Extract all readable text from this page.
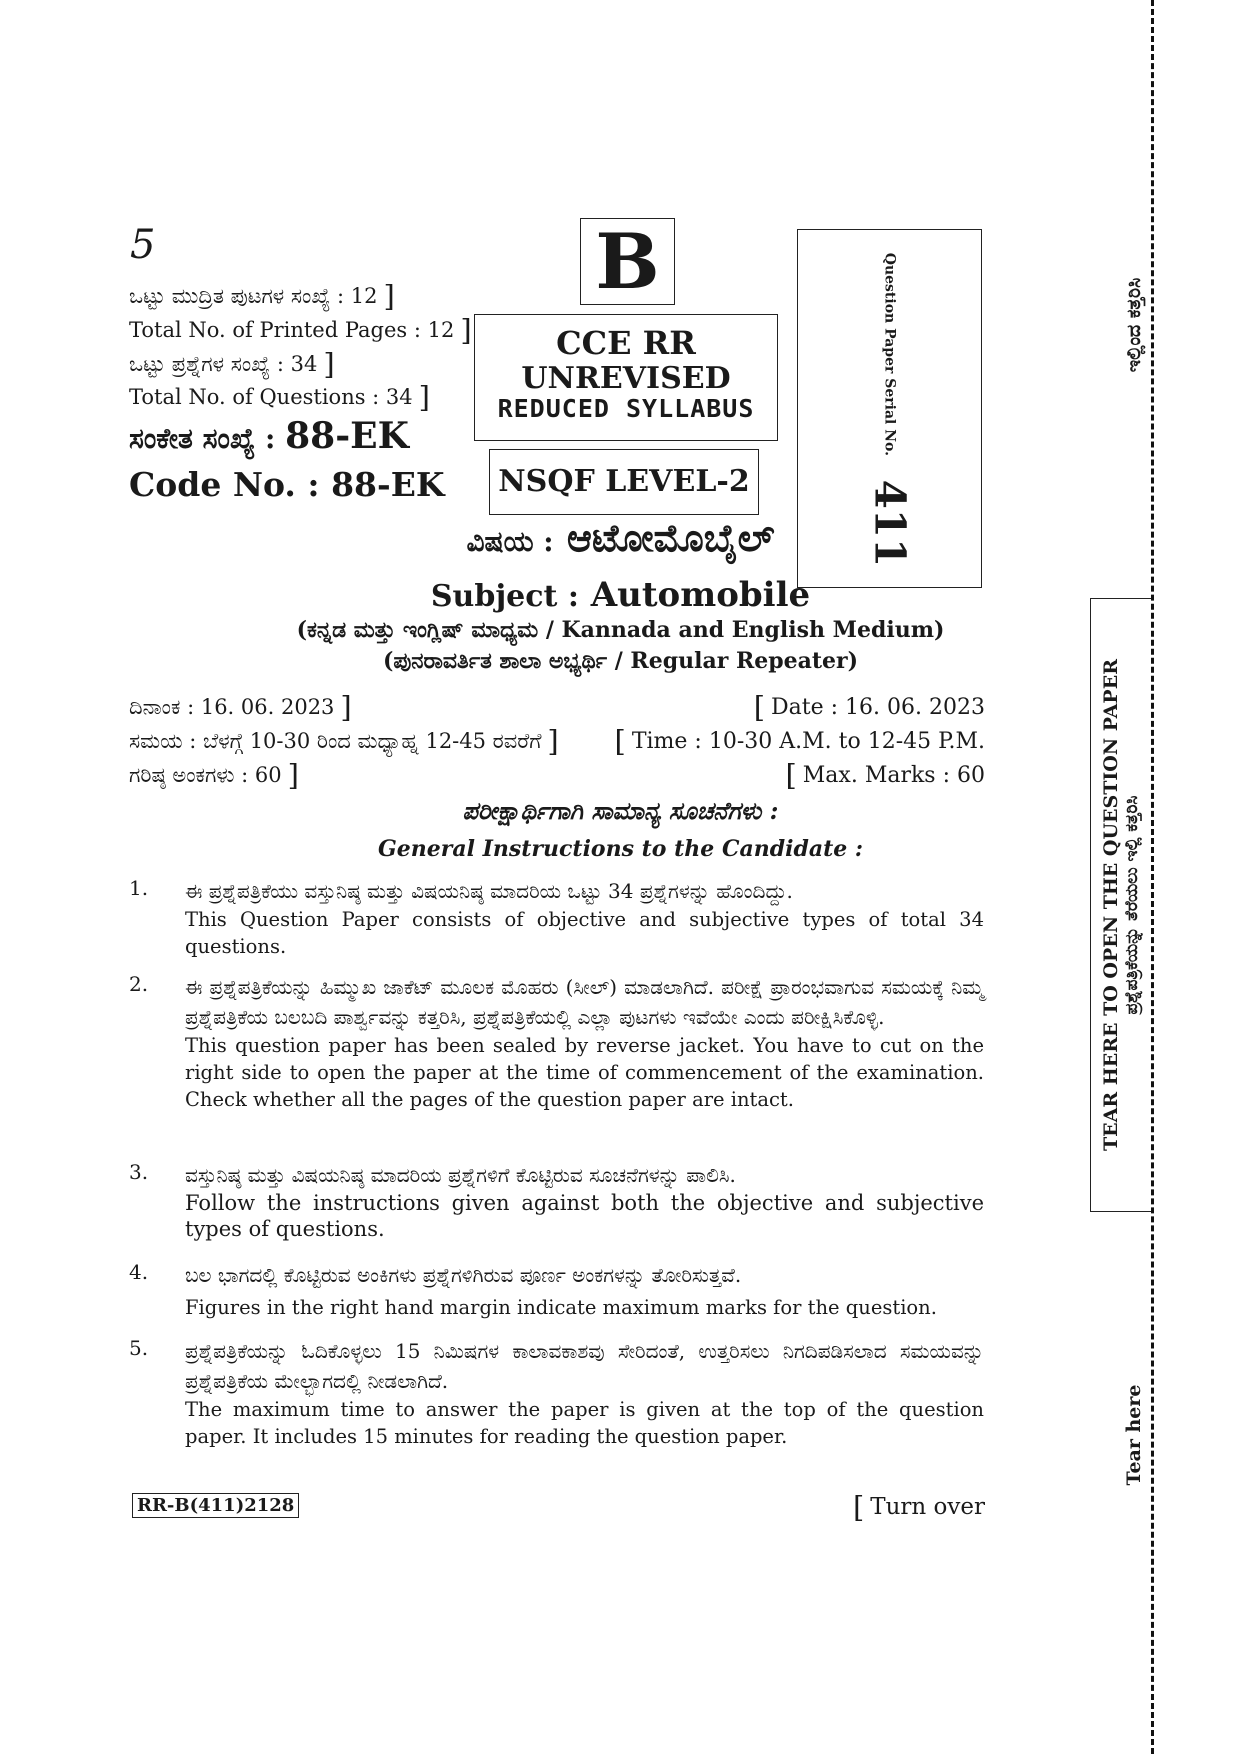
5
ಒಟ್ಟು ಮುದ್ರಿತ ಪುಟಗಳ ಸಂಖ್ಯೆ : 12 ]
Total No. of Printed Pages : 12 ]
ಒಟ್ಟು ಪ್ರಶ್ನೆಗಳ ಸಂಖ್ಯೆ : 34 ]
Total No. of Questions : 34 ]
ಸಂಕೇತ ಸಂಖ್ಯೆ : 88-EK
Code No. : 88-EK
B
CCE RR
UNREVISED
REDUCED SYLLABUS
NSQF LEVEL-2
Question Paper Serial No. 411
ವಿಷಯ : ಆಟೋಮೊಬೈಲ್
Subject : Automobile
(ಕನ್ನಡ ಮತ್ತು ಇಂಗ್ಲಿಷ್ ಮಾಧ್ಯಮ / Kannada and English Medium)
(ಪುನರಾವರ್ತಿತ ಶಾಲಾ ಅಭ್ಯರ್ಥಿ / Regular Repeater)
ದಿನಾಂಕ : 16. 06. 2023 ]	[ Date : 16. 06. 2023
ಸಮಯ : ಬೆಳಗ್ಗೆ 10-30 ರಿಂದ ಮಧ್ಯಾಹ್ನ 12-45 ರವರೆಗೆ ] [ Time : 10-30 A.M. to 12-45 P.M.
ಗರಿಷ್ಠ ಅಂಕಗಳು : 60 ]	[ Max. Marks : 60
ಪರೀಕ್ಷಾರ್ಥಿಗಾಗಿ ಸಾಮಾನ್ಯ ಸೂಚನೆಗಳು :
General Instructions to the Candidate :
1. ಈ ಪ್ರಶ್ನೆಪತ್ರಿಕೆಯು ವಸ್ತುನಿಷ್ಠ ಮತ್ತು ವಿಷಯನಿಷ್ಠ ಮಾದರಿಯ ಒಟ್ಟು 34 ಪ್ರಶ್ನೆಗಳನ್ನು ಹೊಂದಿದ್ದು.
This Question Paper consists of objective and subjective types of total 34 questions.
2. ಈ ಪ್ರಶ್ನೆಪತ್ರಿಕೆಯನ್ನು ಹಿಮ್ಮುಖ ಜಾಕೆಟ್ ಮೂಲಕ ಮೊಹರು (ಸೀಲ್) ಮಾಡಲಾಗಿದೆ. ಪರೀಕ್ಷೆ ಪ್ರಾರಂಭವಾಗುವ ಸಮಯಕ್ಕೆ ನಿಮ್ಮ ಪ್ರಶ್ನೆಪತ್ರಿಕೆಯ ಬಲಬದಿ ಪಾರ್ಶ್ವವನ್ನು ಕತ್ತರಿಸಿ, ಪ್ರಶ್ನೆಪತ್ರಿಕೆಯಲ್ಲಿ ಎಲ್ಲಾ ಪುಟಗಳು ಇವೆಯೇ ಎಂದು ಪರೀಕ್ಷಿಸಿಕೊಳ್ಳಿ.
This question paper has been sealed by reverse jacket. You have to cut on the right side to open the paper at the time of commencement of the examination. Check whether all the pages of the question paper are intact.
3. ವಸ್ತುನಿಷ್ಠ ಮತ್ತು ವಿಷಯನಿಷ್ಠ ಮಾದರಿಯ ಪ್ರಶ್ನೆಗಳಿಗೆ ಕೊಟ್ಟಿರುವ ಸೂಚನೆಗಳನ್ನು ಪಾಲಿಸಿ.
Follow the instructions given against both the objective and subjective types of questions.
4. ಬಲ ಭಾಗದಲ್ಲಿ ಕೊಟ್ಟಿರುವ ಅಂಕಿಗಳು ಪ್ರಶ್ನೆಗಳಿಗಿರುವ ಪೂರ್ಣ ಅಂಕಗಳನ್ನು ತೋರಿಸುತ್ತವೆ.
Figures in the right hand margin indicate maximum marks for the question.
5. ಪ್ರಶ್ನೆಪತ್ರಿಕೆಯನ್ನು ಓದಿಕೊಳ್ಳಲು 15 ನಿಮಿಷಗಳ ಕಾಲಾವಕಾಶವು ಸೇರಿದಂತೆ, ಉತ್ತರಿಸಲು ನಿಗದಿಪಡಿಸಲಾದ ಸಮಯವನ್ನು ಪ್ರಶ್ನೆಪತ್ರಿಕೆಯ ಮೇಲ್ಭಾಗದಲ್ಲಿ ನೀಡಲಾಗಿದೆ.
The maximum time to answer the paper is given at the top of the question paper. It includes 15 minutes for reading the question paper.
RR-B(411)2128	[ Turn over
ಇಲ್ಲಿಂದ ಕತ್ತರಿಸಿ
TEAR HERE TO OPEN THE QUESTION PAPER ಪ್ರಶ್ನೆಪತ್ರಿಕೆಯನ್ನು ತೆರೆಯಲು ಇಲ್ಲಿ ಕತ್ತರಿಸಿ
Tear here
